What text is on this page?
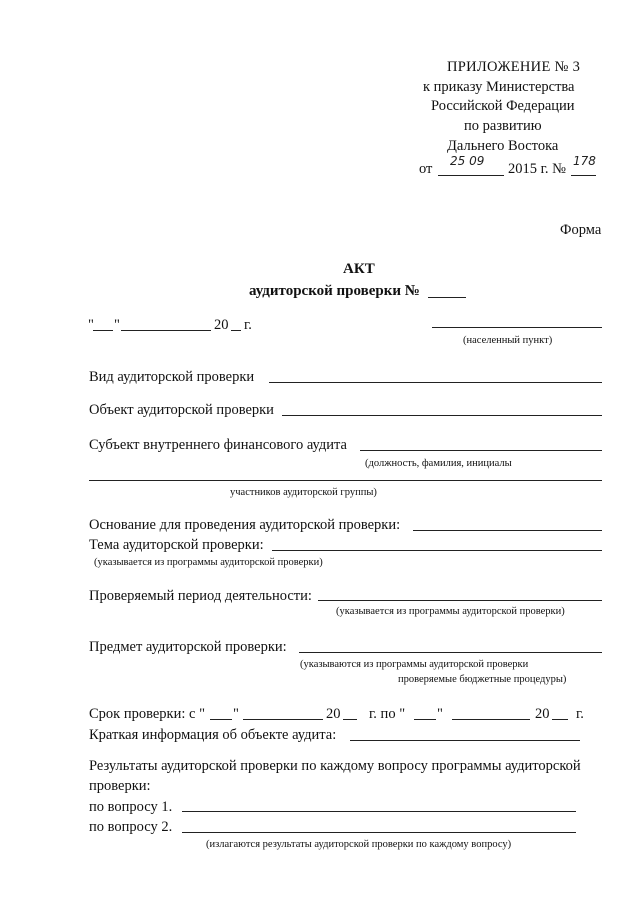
ПРИЛОЖЕНИЕ № 3
к приказу Министерства
Российской Федерации
по развитию
Дальнего Востока
от 25 09 2015 г. № 178
Форма
АКТ
аудиторской проверки №
" "	20 г.
(населенный пункт)
Вид аудиторской проверки
Объект аудиторской проверки
Субъект внутреннего финансового аудита
(должность, фамилия, инициалы
участников аудиторской группы)
Основание для проведения аудиторской проверки:
Тема аудиторской проверки:
(указывается из программы аудиторской проверки)
Проверяемый период деятельности:
(указывается из программы аудиторской проверки)
Предмет аудиторской проверки:
(указываются из программы аудиторской проверки
проверяемые бюджетные процедуры)
Срок проверки: с " "	20 г. по " "	20 г.
Краткая информация об объекте аудита:
Результаты аудиторской проверки по каждому вопросу программы аудиторской
проверки:
по вопросу 1.
по вопросу 2.
(излагаются результаты аудиторской проверки по каждому вопросу)
